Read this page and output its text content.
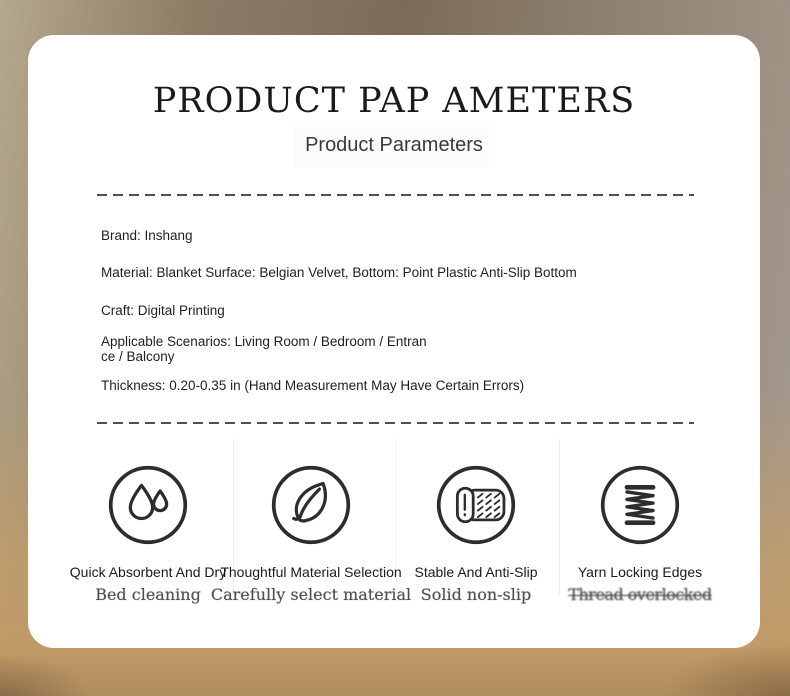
PRODUCT PAP AMETERS
Product Parameters
Brand: Inshang
Material: Blanket Surface: Belgian Velvet, Bottom: Point Plastic Anti-Slip Bottom
Craft: Digital Printing
Applicable Scenarios: Living Room / Bedroom / Entran
ce / Balcony
Thickness: 0.20-0.35 in (Hand Measurement May Have Certain Errors)
Quick Absorbent And Dry
Bed cleaning
Thoughtful Material Selection
Carefully select material
Stable And Anti-Slip
Solid non-slip
Yarn Locking Edges
Thread overlocked
